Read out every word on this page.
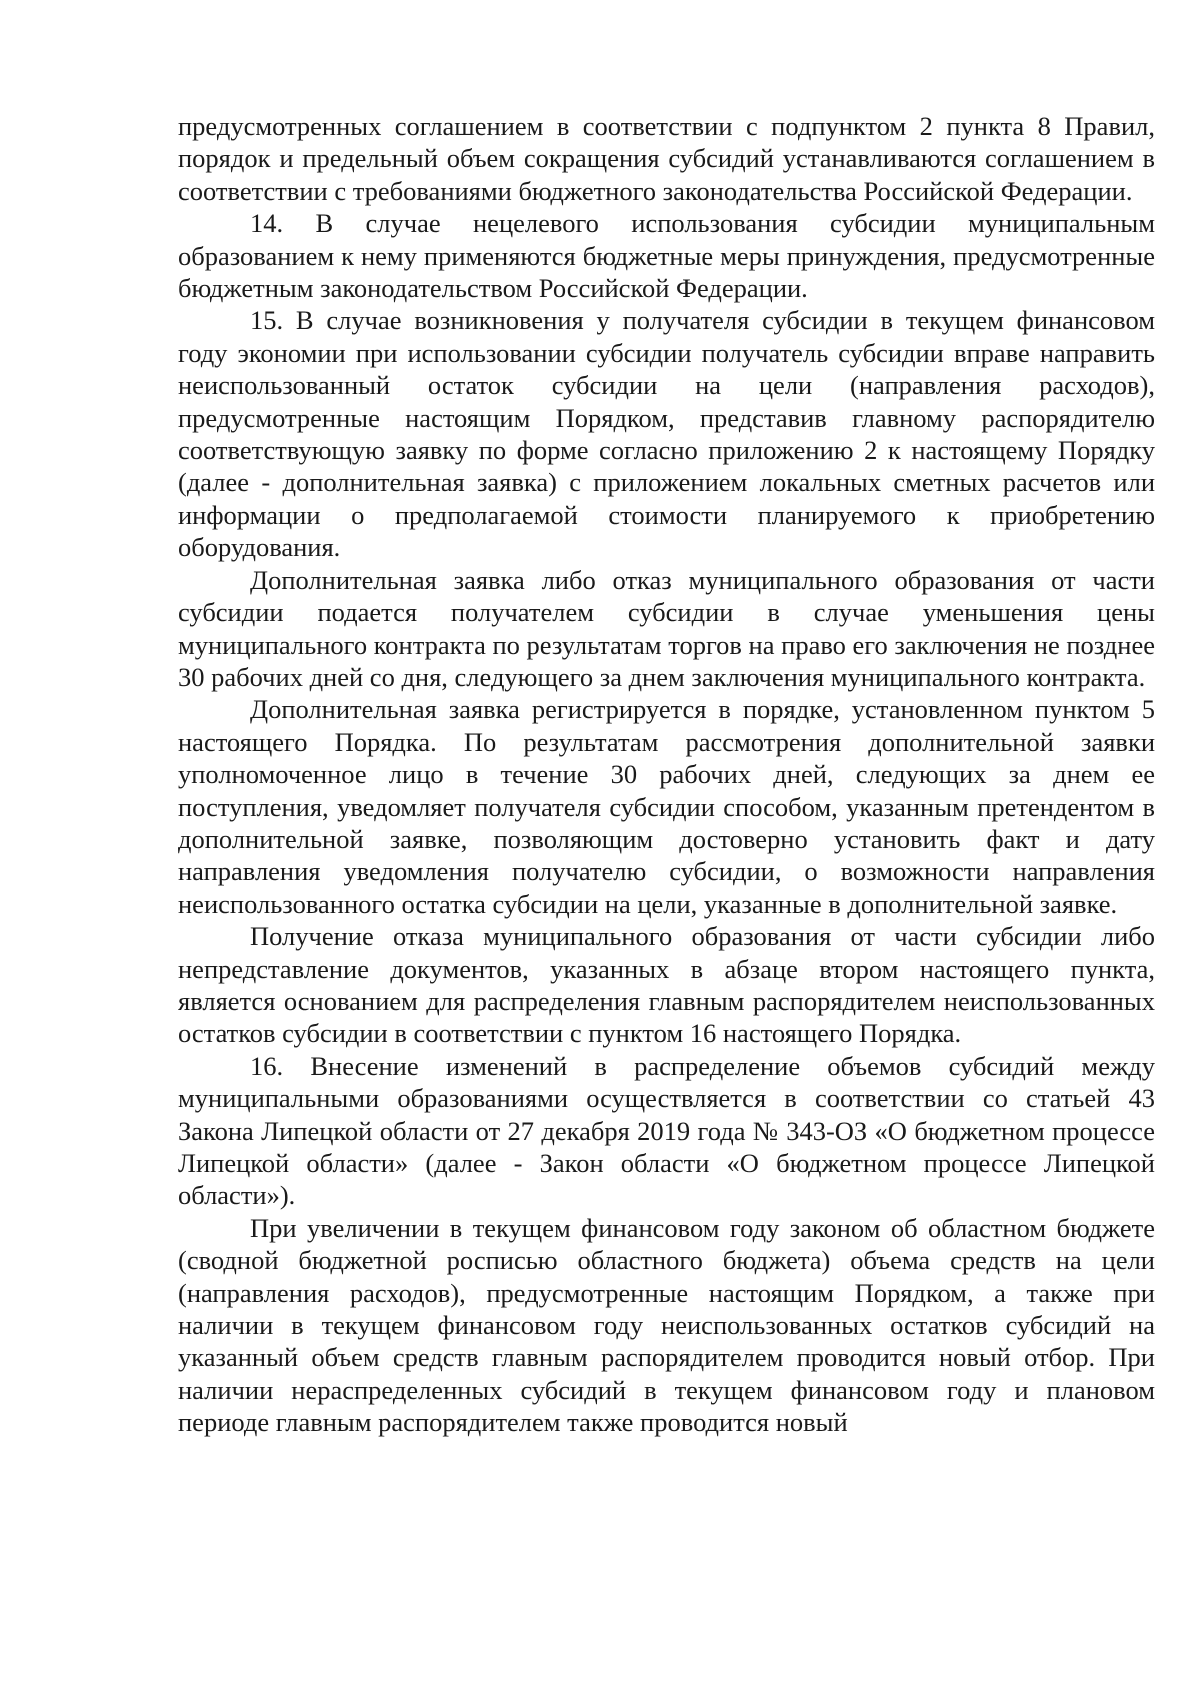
предусмотренных соглашением в соответствии с подпунктом 2 пункта 8 Правил, порядок и предельный объем сокращения субсидий устанавливаются соглашением в соответствии с требованиями бюджетного законодательства Российской Федерации.

14. В случае нецелевого использования субсидии муниципальным образованием к нему применяются бюджетные меры принуждения, предусмотренные бюджетным законодательством Российской Федерации.

15. В случае возникновения у получателя субсидии в текущем финансовом году экономии при использовании субсидии получатель субсидии вправе направить неиспользованный остаток субсидии на цели (направления расходов), предусмотренные настоящим Порядком, представив главному распорядителю соответствующую заявку по форме согласно приложению 2 к настоящему Порядку (далее - дополнительная заявка) с приложением локальных сметных расчетов или информации о предполагаемой стоимости планируемого к приобретению оборудования.

Дополнительная заявка либо отказ муниципального образования от части субсидии подается получателем субсидии в случае уменьшения цены муниципального контракта по результатам торгов на право его заключения не позднее 30 рабочих дней со дня, следующего за днем заключения муниципального контракта.

Дополнительная заявка регистрируется в порядке, установленном пунктом 5 настоящего Порядка. По результатам рассмотрения дополнительной заявки уполномоченное лицо в течение 30 рабочих дней, следующих за днем ее поступления, уведомляет получателя субсидии способом, указанным претендентом в дополнительной заявке, позволяющим достоверно установить факт и дату направления уведомления получателю субсидии, о возможности направления неиспользованного остатка субсидии на цели, указанные в дополнительной заявке.

Получение отказа муниципального образования от части субсидии либо непредставление документов, указанных в абзаце втором настоящего пункта, является основанием для распределения главным распорядителем неиспользованных остатков субсидии в соответствии с пунктом 16 настоящего Порядка.

16. Внесение изменений в распределение объемов субсидий между муниципальными образованиями осуществляется в соответствии со статьей 43 Закона Липецкой области от 27 декабря 2019 года № 343-ОЗ «О бюджетном процессе Липецкой области» (далее - Закон области «О бюджетном процессе Липецкой области»).

При увеличении в текущем финансовом году законом об областном бюджете (сводной бюджетной росписью областного бюджета) объема средств на цели (направления расходов), предусмотренные настоящим Порядком, а также при наличии в текущем финансовом году неиспользованных остатков субсидий на указанный объем средств главным распорядителем проводится новый отбор. При наличии нераспределенных субсидий в текущем финансовом году и плановом периоде главным распорядителем также проводится новый
